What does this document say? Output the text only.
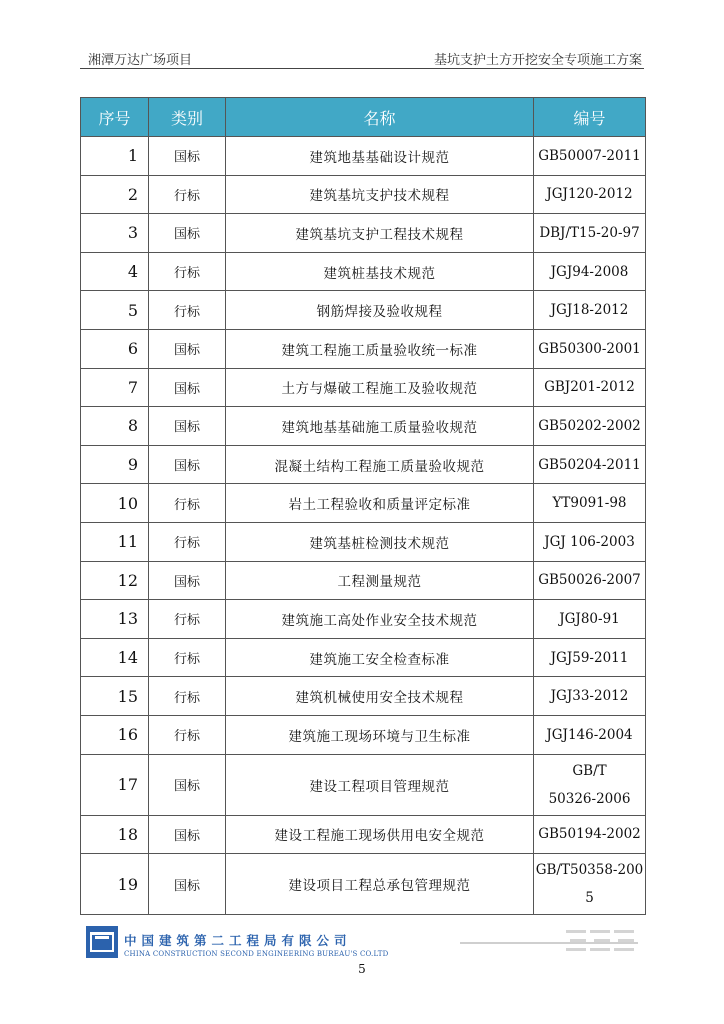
湘潭万达广场项目	基坑支护土方开挖安全专项施工方案
序号	类别	名称	编号
1	国标	建筑地基基础设计规范	GB50007-2011
2	行标	建筑基坑支护技术规程	JGJ120-2012
3	国标	建筑基坑支护工程技术规程	DBJ/T15-20-97
4	行标	建筑桩基技术规范	JGJ94-2008
5	行标	钢筋焊接及验收规程	JGJ18-2012
6	国标	建筑工程施工质量验收统一标准	GB50300-2001
7	国标	土方与爆破工程施工及验收规范	GBJ201-2012
8	国标	建筑地基基础施工质量验收规范	GB50202-2002
9	国标	混凝土结构工程施工质量验收规范	GB50204-2011
10	行标	岩土工程验收和质量评定标准	YT9091-98
11	行标	建筑基桩检测技术规范	JGJ 106-2003
12	国标	工程测量规范	GB50026-2007
13	行标	建筑施工高处作业安全技术规范	JGJ80-91
14	行标	建筑施工安全检查标准	JGJ59-2011
15	行标	建筑机械使用安全技术规程	JGJ33-2012
16	行标	建筑施工现场环境与卫生标准	JGJ146-2004
17	国标	建设工程项目管理规范	GB/T
50326-2006

18	国标	建设工程施工现场供用电安全规范	GB50194-2002
19	国标	建设项目工程总承包管理规范	GB/T50358-200
5
中国建筑第二工程局有限公司
CHINA CONSTRUCTION SECOND ENGINEERING BUREAU'S CO.LTD
5
